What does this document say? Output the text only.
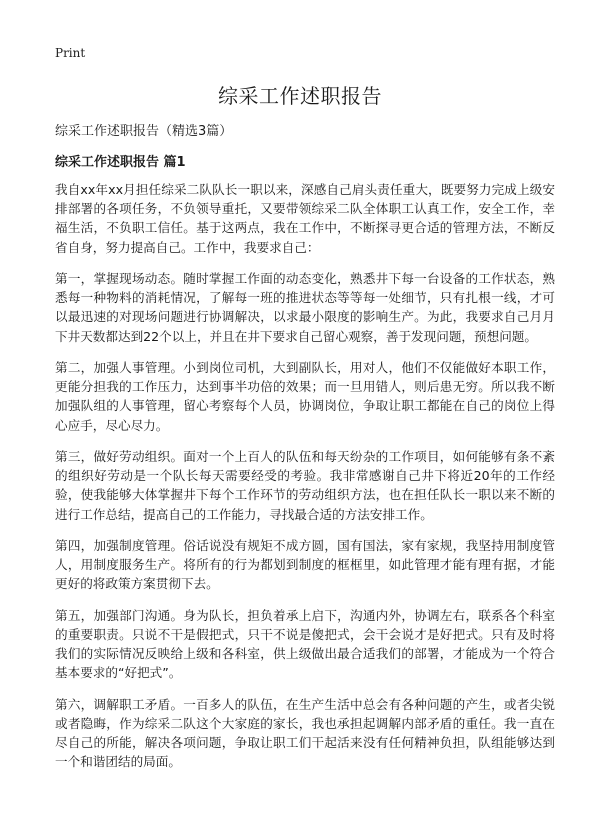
Print
综采工作述职报告

综采工作述职报告（精选3篇）

综采工作述职报告 篇1

我自xx年xx月担任综采二队队长一职以来，深感自己肩头责任重大，既要努力完成上级安排部署的各项任务，不负领导重托，又要带领综采二队全体职工认真工作，安全工作，幸福生活，不负职工信任。基于这两点，我在工作中，不断探寻更合适的管理方法，不断反省自身，努力提高自己。工作中，我要求自己：

第一，掌握现场动态。随时掌握工作面的动态变化，熟悉井下每一台设备的工作状态，熟悉每一种物料的消耗情况，了解每一班的推进状态等等每一处细节，只有扎根一线，才可以最迅速的对现场问题进行协调解决，以求最小限度的影响生产。为此，我要求自己月月下井天数都达到22个以上，并且在井下要求自己留心观察，善于发现问题，预想问题。

第二，加强人事管理。小到岗位司机，大到副队长，用对人，他们不仅能做好本职工作，更能分担我的工作压力，达到事半功倍的效果；而一旦用错人，则后患无穷。所以我不断加强队组的人事管理，留心考察每个人员，协调岗位，争取让职工都能在自己的岗位上得心应手，尽心尽力。

第三，做好劳动组织。面对一个上百人的队伍和每天纷杂的工作项目，如何能够有条不紊的组织好劳动是一个队长每天需要经受的考验。我非常感谢自己井下将近20年的工作经验，使我能够大体掌握井下每个工作环节的劳动组织方法，也在担任队长一职以来不断的进行工作总结，提高自己的工作能力，寻找最合适的方法安排工作。

第四，加强制度管理。俗话说没有规矩不成方圆，国有国法，家有家规，我坚持用制度管人，用制度服务生产。将所有的行为都划到制度的框框里，如此管理才能有理有据，才能更好的将政策方案贯彻下去。

第五，加强部门沟通。身为队长，担负着承上启下，沟通内外，协调左右，联系各个科室的重要职责。只说不干是假把式，只干不说是傻把式，会干会说才是好把式。只有及时将我们的实际情况反映给上级和各科室，供上级做出最合适我们的部署，才能成为一个符合基本要求的“好把式”。

第六，调解职工矛盾。一百多人的队伍，在生产生活中总会有各种问题的产生，或者尖锐或者隐晦，作为综采二队这个大家庭的家长，我也承担起调解内部矛盾的重任。我一直在尽自己的所能，解决各项问题，争取让职工们干起活来没有任何精神负担，队组能够达到一个和谐团结的局面。
